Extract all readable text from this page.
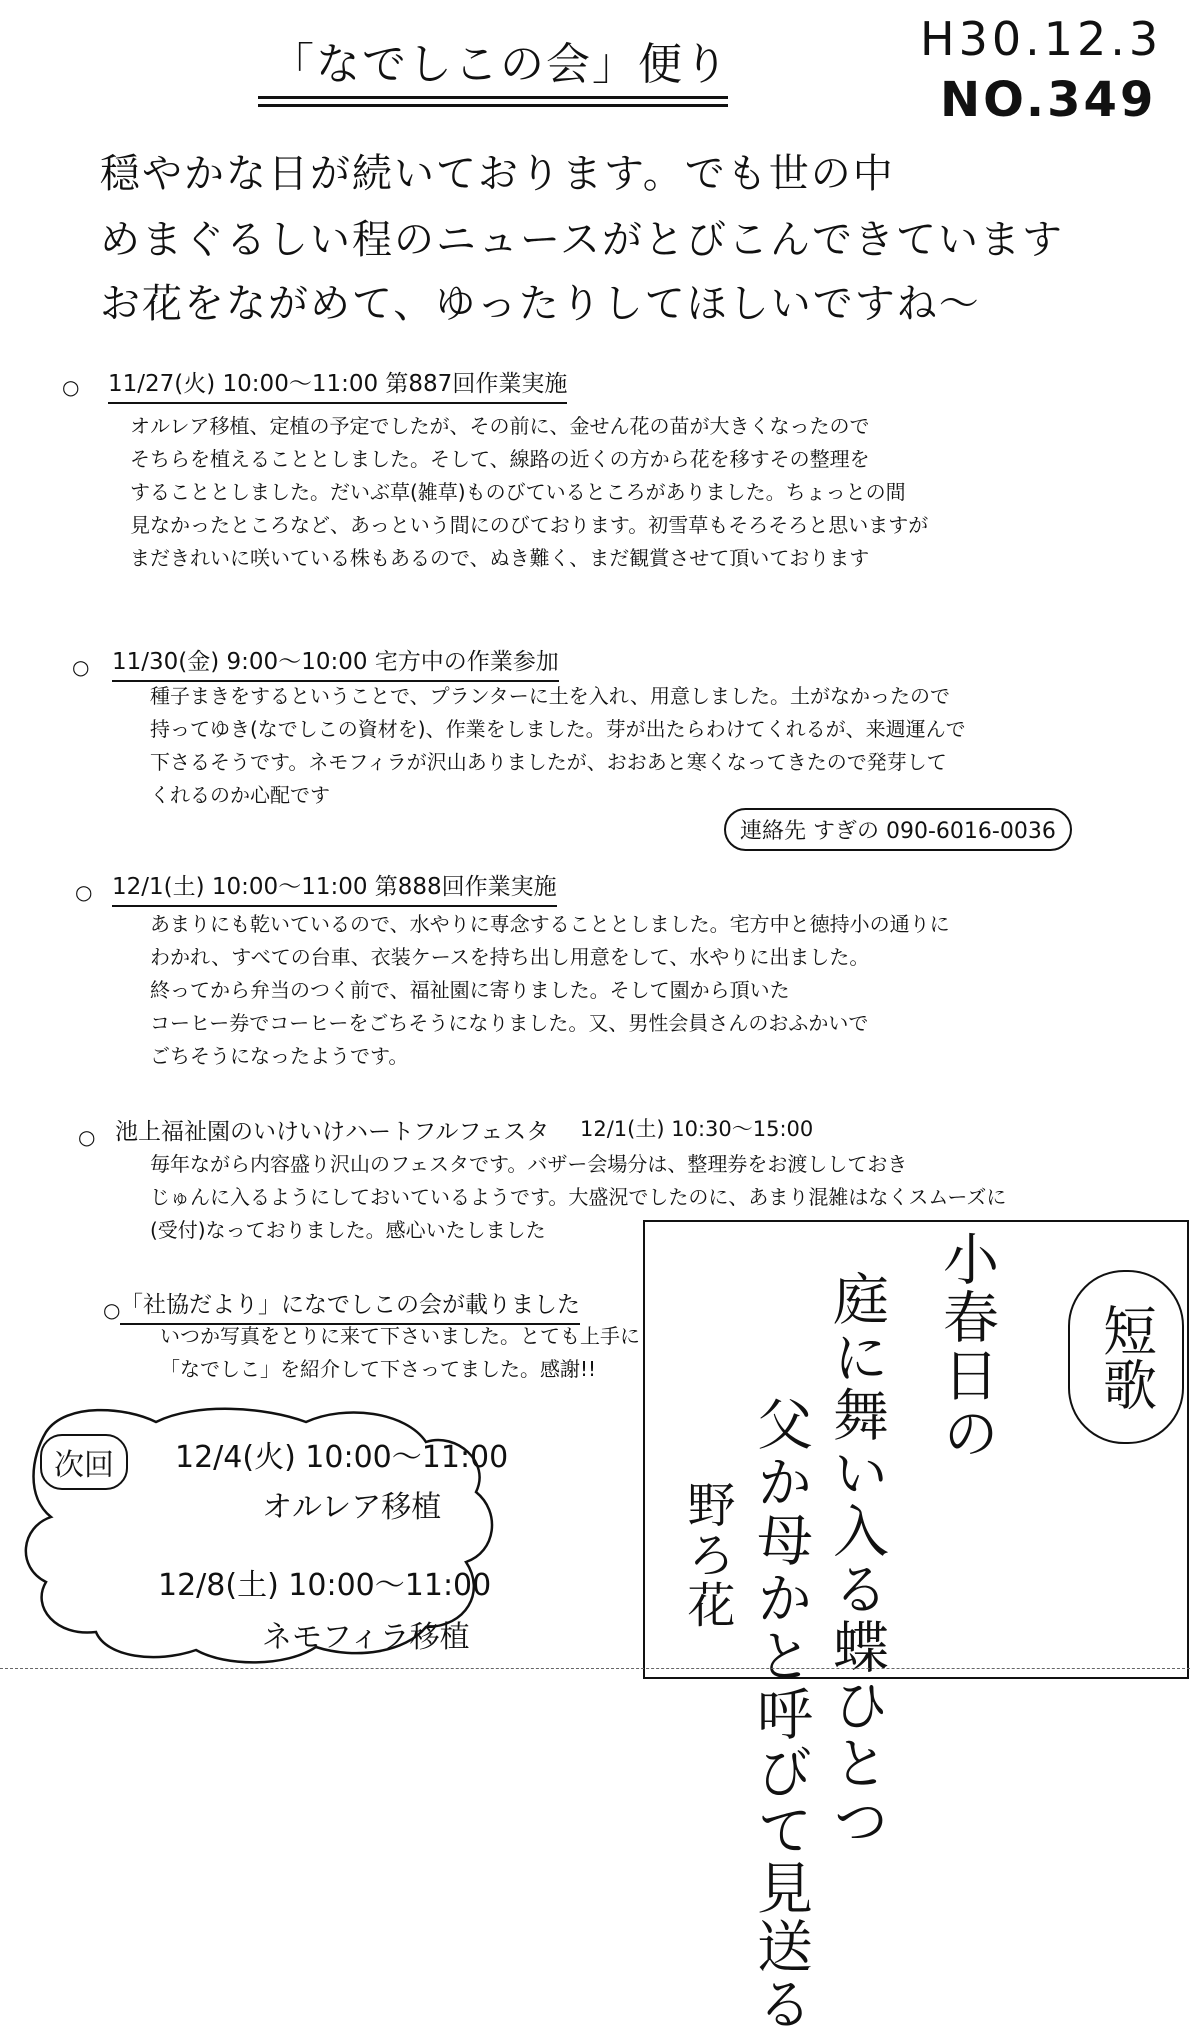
「なでしこの会」便り	H30.12.3
NO.349
穏やかな日が続いております。でも世の中
めまぐるしい程のニュースがとびこんできています
お花をながめて、ゆったりしてほしいですね～
○ 11/27(火) 10:00～11:00 第887回作業実施
オルレア移植、定植の予定でしたが、その前に、金せん花の苗が大きくなったので
そちらを植えることとしました。そして、線路の近くの方から花を移すその整理を
することとしました。だいぶ草(雑草)ものびているところがありました。ちょっとの間
見なかったところなど、あっという間にのびております。初雪草もそろそろと思いますが
まだきれいに咲いている株もあるので、ぬき難く、まだ観賞させて頂いております
○ 11/30(金) 9:00～10:00 宅方中の作業参加
種子まきをするということで、プランターに土を入れ、用意しました。土がなかったので
持ってゆき(なでしこの資材を)、作業をしました。芽が出たらわけてくれるが、来週運んで
下さるそうです。ネモフィラが沢山ありましたが、おおあと寒くなってきたので発芽して
くれるのか心配です
連絡先 すぎの 090-6016-0036
○ 12/1(土) 10:00～11:00 第888回作業実施
あまりにも乾いているので、水やりに専念することとしました。宅方中と徳持小の通りに
わかれ、すべての台車、衣装ケースを持ち出し用意をして、水やりに出ました。
終ってから弁当のつく前で、福祉園に寄りました。そして園から頂いた
コーヒー券でコーヒーをごちそうになりました。又、男性会員さんのおふかいで
ごちそうになったようです。
○ 池上福祉園のいけいけハートフルフェスタ 12/1(土) 10:30～15:00
毎年ながら内容盛り沢山のフェスタです。バザー会場分は、整理券をお渡ししておき
じゅんに入るようにしておいているようです。大盛況でしたのに、あまり混雑はなくスムーズに
(受付)なっておりました。感心いたしました
○ 「社協だより」になでしこの会が載りました
いつか写真をとりに来て下さいました。とても上手に
「なでしこ」を紹介して下さってました。感謝!!
次回	12/4(火) 10:00～11:00
オルレア移植
12/8(土) 10:00～11:00
ネモフィラ移植
短歌
小春日の
庭に舞い入る蝶ひとつ
父か母かと呼びて見送る
野ろ花
